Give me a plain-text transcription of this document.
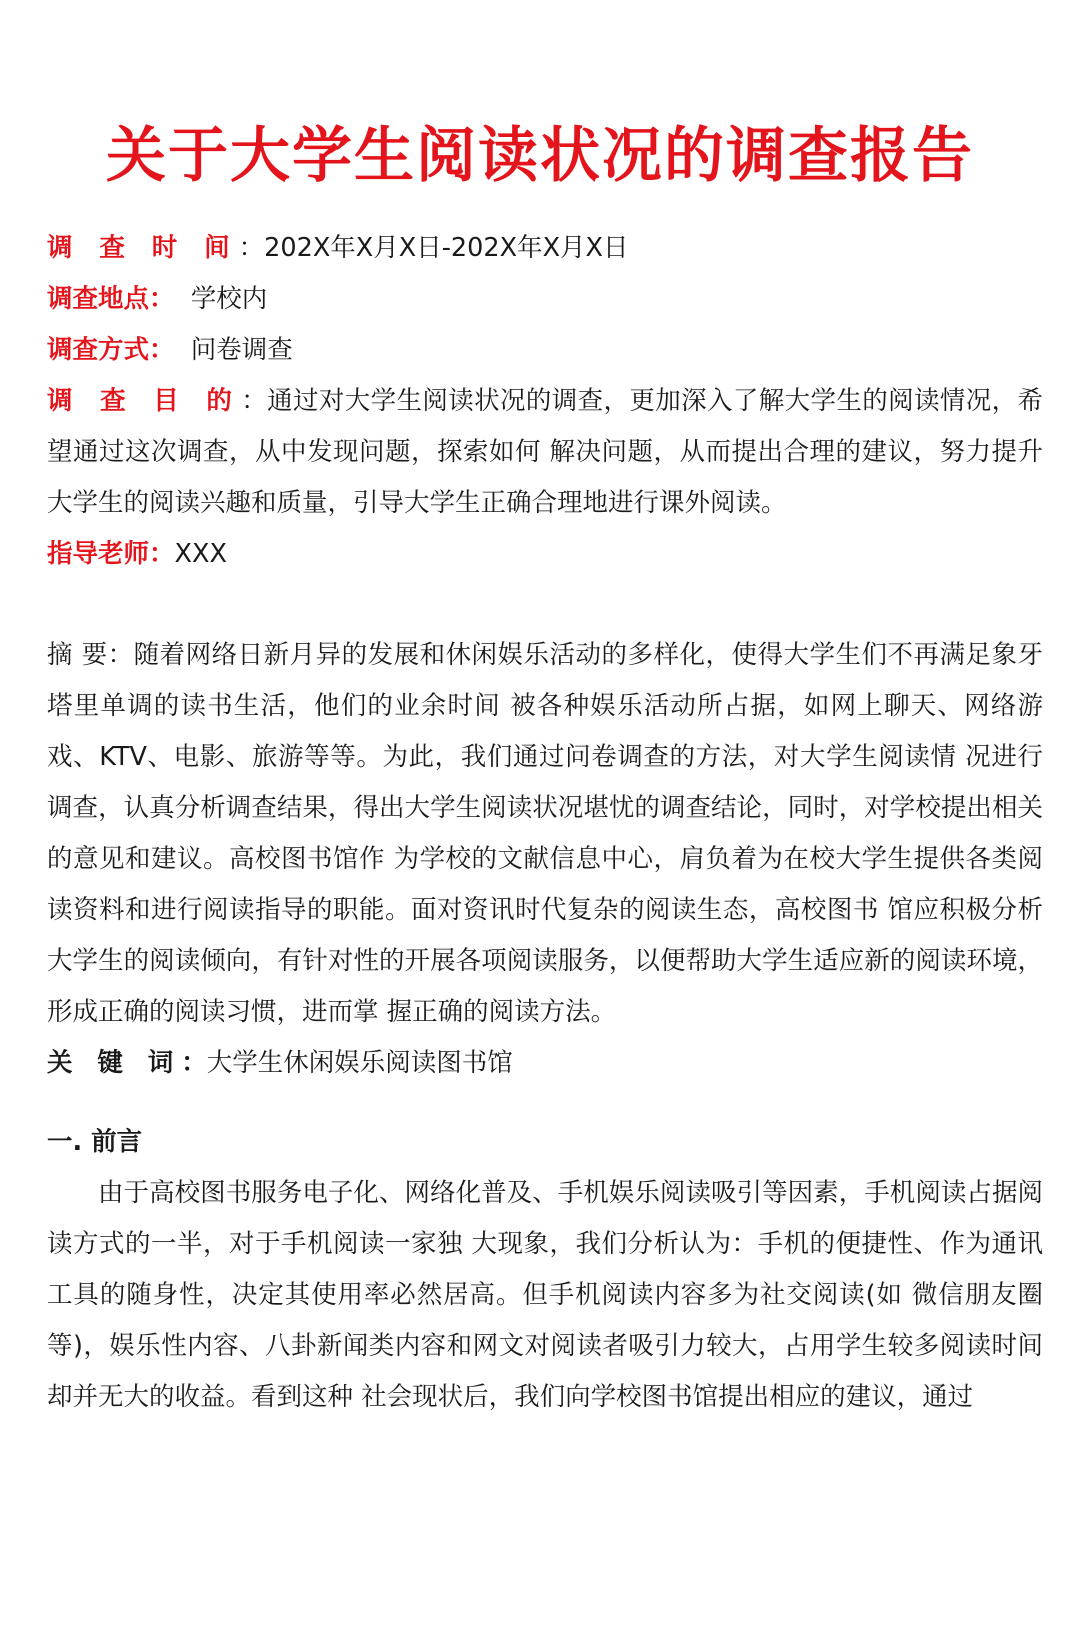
关于大学生阅读状况的调查报告
调 查 时 间：202X年X月X日-202X年X月X日
调查地点： 学校内
调查方式： 问卷调查
调 查 目 的：通过对大学生阅读状况的调查，更加深入了解大学生的阅读情况，希望通过这次调查，从中发现问题，探索如何 解决问题，从而提出合理的建议，努力提升大学生的阅读兴趣和质量，引导大学生正确合理地进行课外阅读。
指导老师：XXX
摘 要：随着网络日新月异的发展和休闲娱乐活动的多样化，使得大学生们不再满足象牙塔里单调的读书生活，他们的业余时间 被各种娱乐活动所占据，如网上聊天、网络游戏、KTV、电影、旅游等等。为此，我们通过问卷调查的方法，对大学生阅读情 况进行调查，认真分析调查结果，得出大学生阅读状况堪忧的调查结论，同时，对学校提出相关的意见和建议。高校图书馆作 为学校的文献信息中心，肩负着为在校大学生提供各类阅读资料和进行阅读指导的职能。面对资讯时代复杂的阅读生态，高校图书 馆应积极分析大学生的阅读倾向，有针对性的开展各项阅读服务，以便帮助大学生适应新的阅读环境，形成正确的阅读习惯，进而掌 握正确的阅读方法。
关 键 词：大学生休闲娱乐阅读图书馆
一. 前言
由于高校图书服务电子化、网络化普及、手机娱乐阅读吸引等因素，手机阅读占据阅读方式的一半，对于手机阅读一家独 大现象，我们分析认为：手机的便捷性、作为通讯工具的随身性，决定其使用率必然居高。但手机阅读内容多为社交阅读(如 微信朋友圈等)，娱乐性内容、八卦新闻类内容和网文对阅读者吸引力较大，占用学生较多阅读时间却并无大的收益。看到这种 社会现状后，我们向学校图书馆提出相应的建议，通过
